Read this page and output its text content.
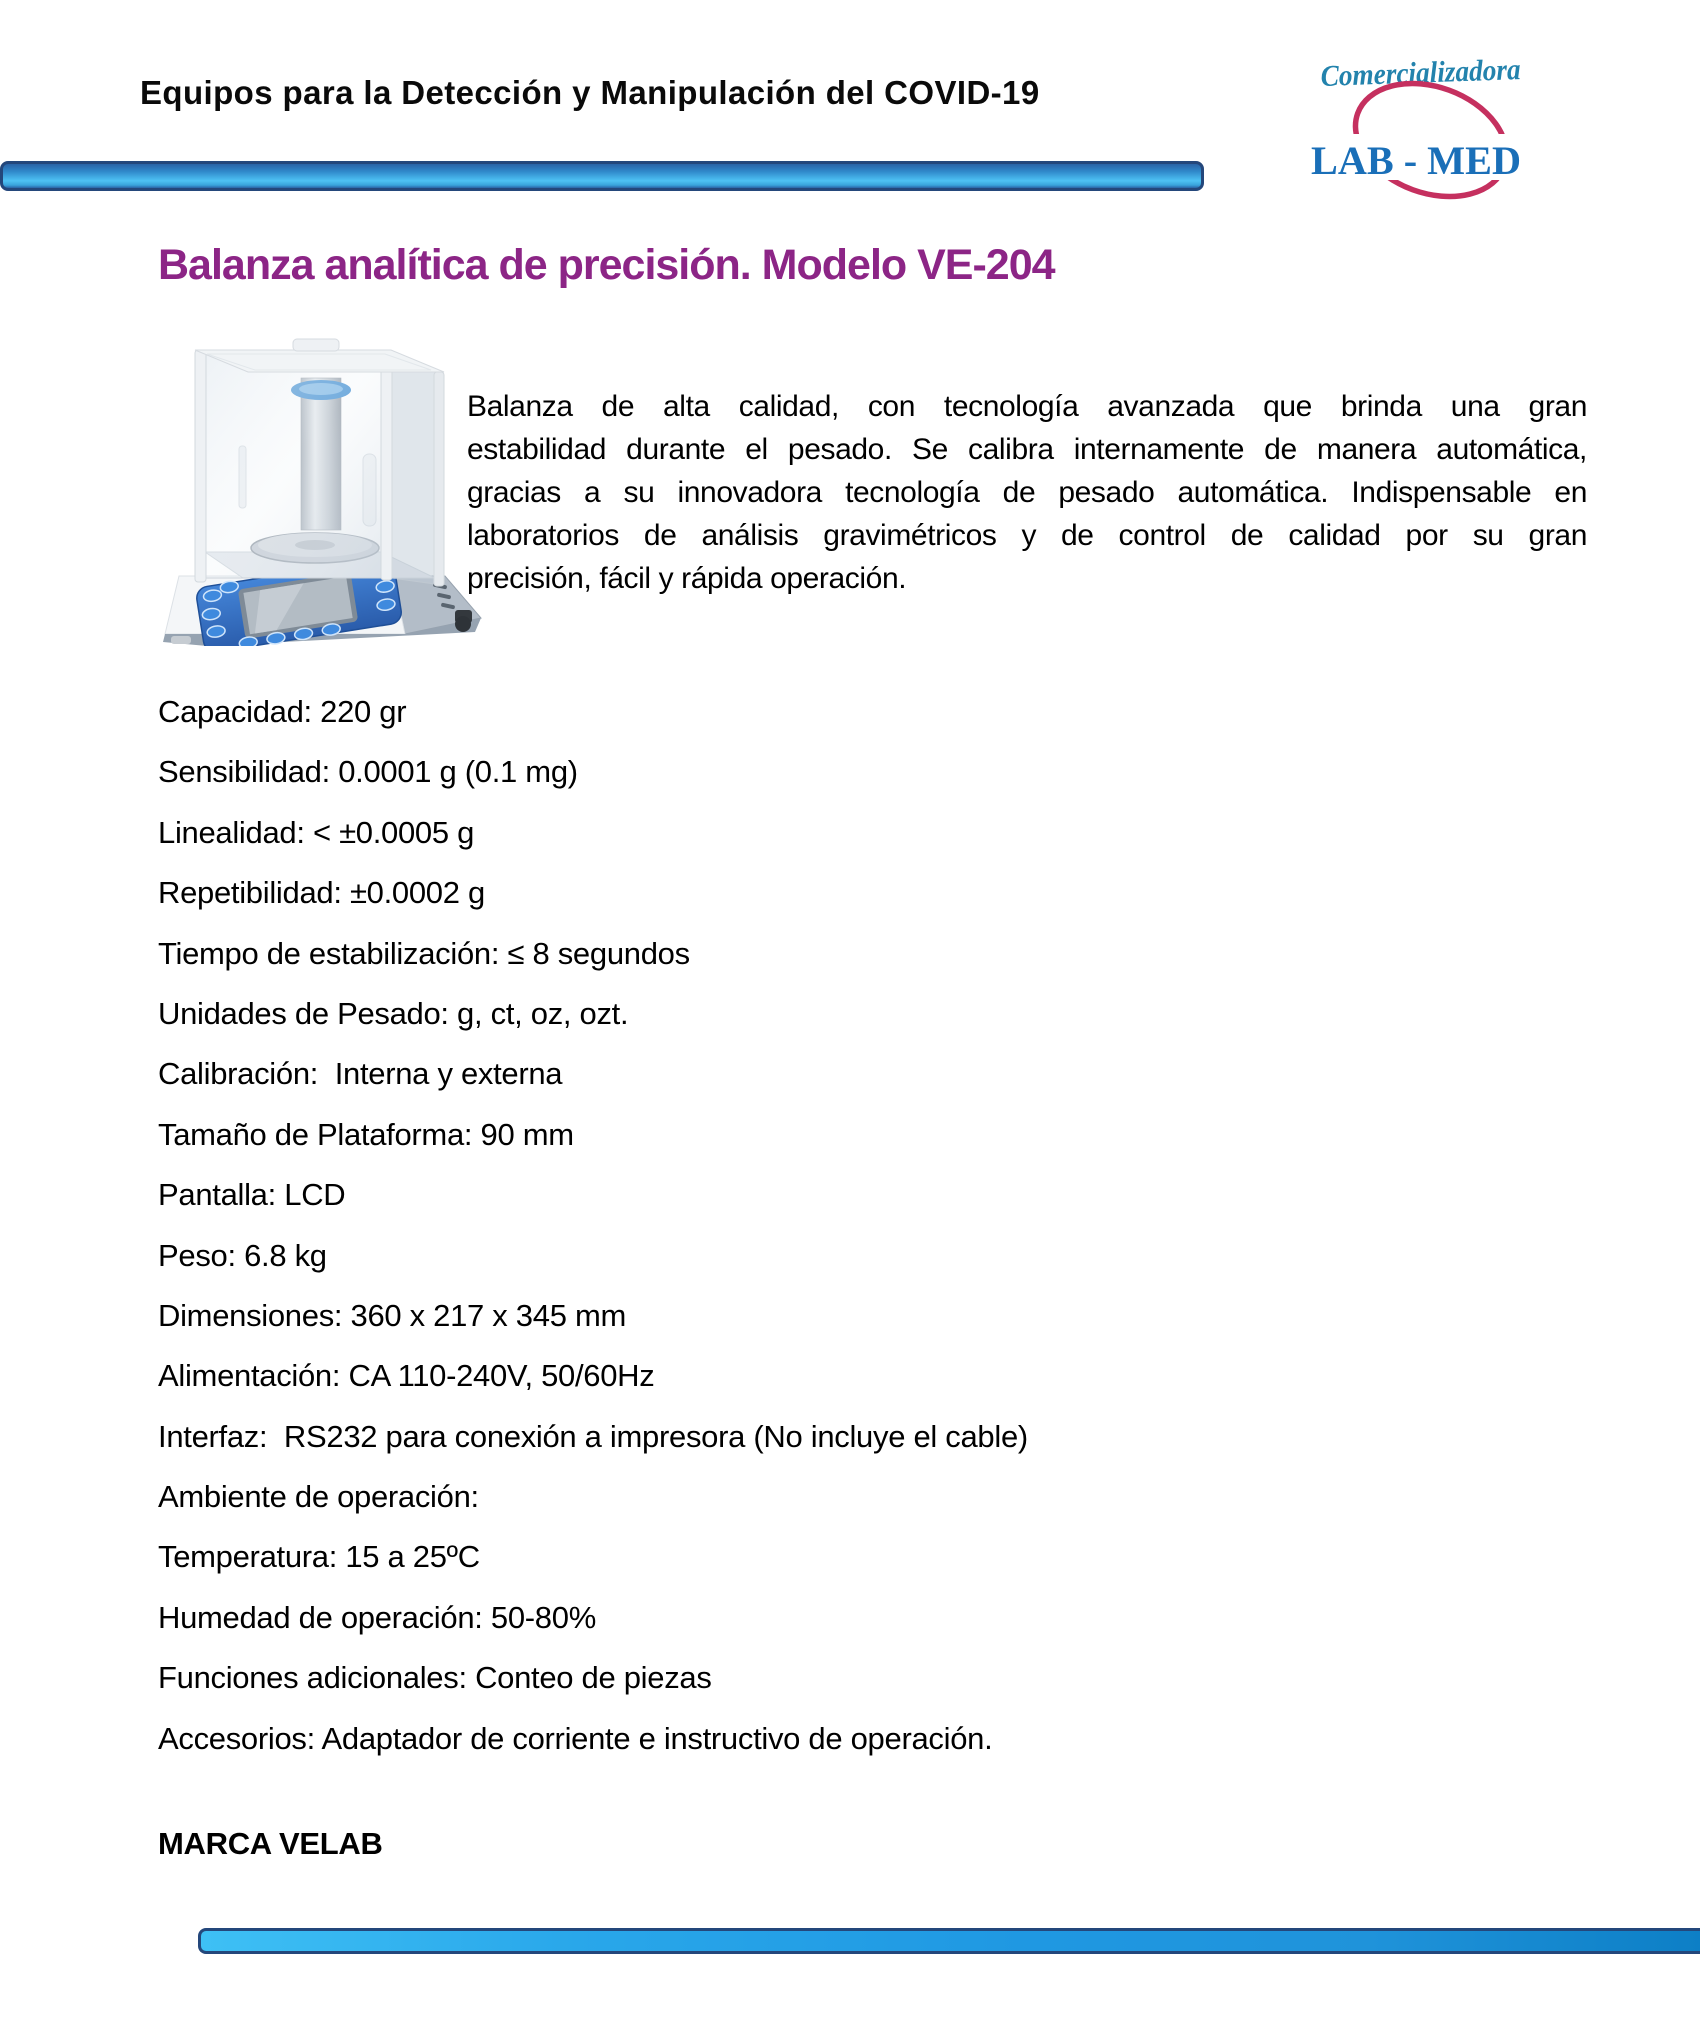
Equipos para la Detección y Manipulación del COVID-19	Comercializadora
LAB - MED
Balanza analítica de precisión. Modelo VE-204
Balanza de alta calidad, con tecnología avanzada que brinda una gran
estabilidad durante el pesado. Se calibra internamente de manera automática,
gracias a su innovadora tecnología de pesado automática. Indispensable en
laboratorios de análisis gravimétricos y de control de calidad por su gran
precisión, fácil y rápida operación.
Capacidad: 220 gr
Sensibilidad: 0.0001 g (0.1 mg)
Linealidad: < ±0.0005 g
Repetibilidad: ±0.0002 g
Tiempo de estabilización: ≤ 8 segundos
Unidades de Pesado: g, ct, oz, ozt.
Calibración:  Interna y externa
Tamaño de Plataforma: 90 mm
Pantalla: LCD
Peso: 6.8 kg
Dimensiones: 360 x 217 x 345 mm
Alimentación: CA 110-240V, 50/60Hz
Interfaz:  RS232 para conexión a impresora (No incluye el cable)
Ambiente de operación:
Temperatura: 15 a 25ºC
Humedad de operación: 50-80%
Funciones adicionales: Conteo de piezas
Accesorios: Adaptador de corriente e instructivo de operación.
MARCA VELAB
